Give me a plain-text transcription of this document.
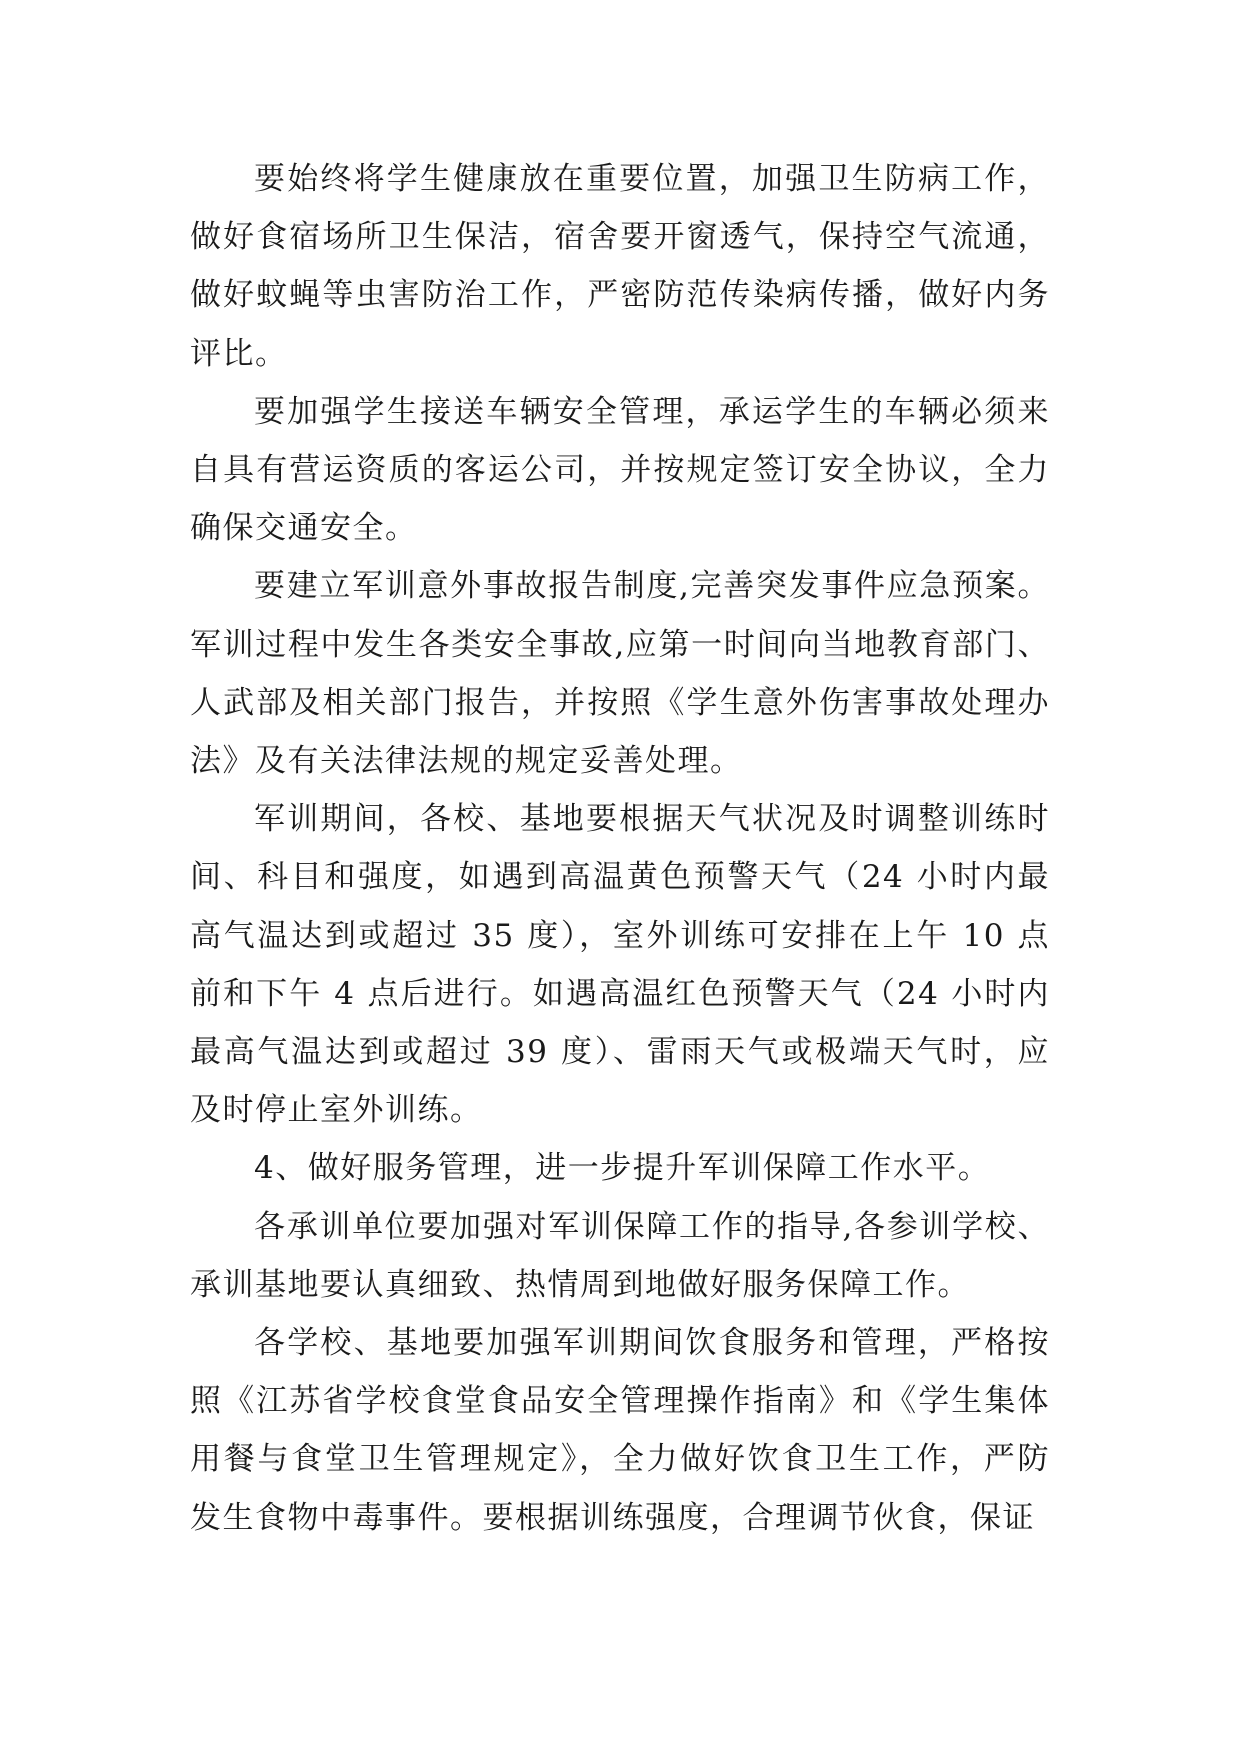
要始终将学生健康放在重要位置，加强卫生防病工作，做好食宿场所卫生保洁，宿舍要开窗透气，保持空气流通，做好蚊蝇等虫害防治工作，严密防范传染病传播，做好内务评比。

要加强学生接送车辆安全管理，承运学生的车辆必须来自具有营运资质的客运公司，并按规定签订安全协议，全力确保交通安全。

要建立军训意外事故报告制度,完善突发事件应急预案。军训过程中发生各类安全事故,应第一时间向当地教育部门、人武部及相关部门报告，并按照《学生意外伤害事故处理办法》及有关法律法规的规定妥善处理。

军训期间，各校、基地要根据天气状况及时调整训练时间、科目和强度，如遇到高温黄色预警天气（24 小时内最高气温达到或超过 35 度），室外训练可安排在上午 10 点前和下午 4 点后进行。如遇高温红色预警天气（24 小时内最高气温达到或超过 39 度）、雷雨天气或极端天气时，应及时停止室外训练。

4、做好服务管理，进一步提升军训保障工作水平。

各承训单位要加强对军训保障工作的指导,各参训学校、承训基地要认真细致、热情周到地做好服务保障工作。

各学校、基地要加强军训期间饮食服务和管理，严格按照《江苏省学校食堂食品安全管理操作指南》和《学生集体用餐与食堂卫生管理规定》，全力做好饮食卫生工作，严防发生食物中毒事件。要根据训练强度，合理调节伙食，保证
